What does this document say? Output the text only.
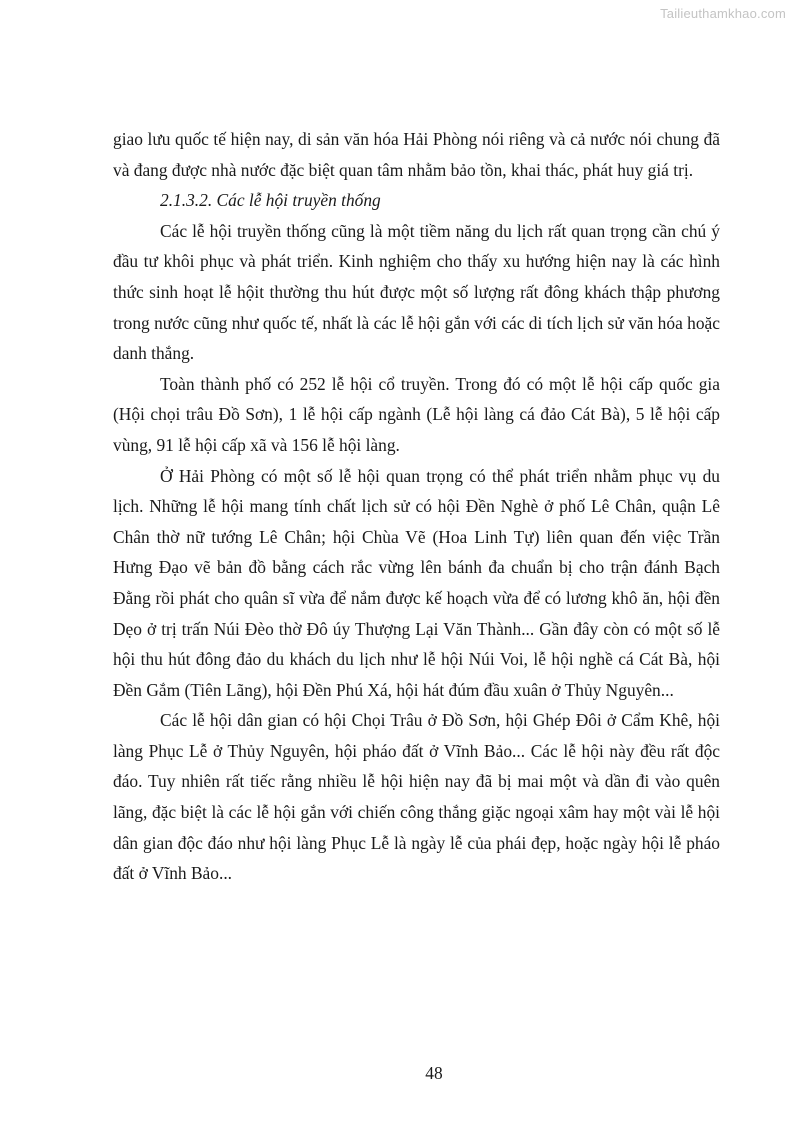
Tailieuthamkhao.com

giao lưu quốc tế hiện nay, di sản văn hóa Hải Phòng nói riêng và cả nước nói chung đã và đang được nhà nước đặc biệt quan tâm nhằm bảo tồn, khai thác, phát huy giá trị.

2.1.3.2. Các lễ hội truyền thống

Các lễ hội truyền thống cũng là một tiềm năng du lịch rất quan trọng cần chú ý đầu tư khôi phục và phát triển. Kinh nghiệm cho thấy xu hướng hiện nay là các hình thức sinh hoạt lễ hộit thường thu hút được một số lượng rất đông khách thập phương trong nước cũng như quốc tế, nhất là các lễ hội gắn với các di tích lịch sử văn hóa hoặc danh thắng.

Toàn thành phố có 252 lễ hội cổ truyền. Trong đó có một lễ hội cấp quốc gia (Hội chọi trâu Đồ Sơn), 1 lễ hội cấp ngành (Lễ hội làng cá đảo Cát Bà), 5 lễ hội cấp vùng, 91 lễ hội cấp xã và 156 lễ hội làng.

Ở Hải Phòng có một số lễ hội quan trọng có thể phát triển nhằm phục vụ du lịch. Những lễ hội mang tính chất lịch sử có hội Đền Nghè ở phố Lê Chân, quận Lê Chân thờ nữ tướng Lê Chân; hội Chùa Vẽ (Hoa Linh Tự) liên quan đến việc Trần Hưng Đạo vẽ bản đồ bằng cách rắc vừng lên bánh đa chuẩn bị cho trận đánh Bạch Đằng rồi phát cho quân sĩ vừa để nắm được kế hoạch vừa để có lương khô ăn, hội đền Dẹo ở trị trấn Núi Đèo thờ Đô úy Thượng Lại Văn Thành... Gần đây còn có một số lễ hội thu hút đông đảo du khách du lịch như lễ hội Núi Voi, lễ hội nghề cá Cát Bà, hội Đền Gắm (Tiên Lãng), hội Đền Phú Xá, hội hát đúm đầu xuân ở Thủy Nguyên...

Các lễ hội dân gian có hội Chọi Trâu ở Đồ Sơn, hội Ghép Đôi ở Cẩm Khê, hội làng Phục Lễ ở Thủy Nguyên, hội pháo đất ở Vĩnh Bảo... Các lễ hội này đều rất độc đáo. Tuy nhiên rất tiếc rằng nhiều lễ hội hiện nay đã bị mai một và dần đi vào quên lãng, đặc biệt là các lễ hội gắn với chiến công thắng giặc ngoại xâm hay một vài lễ hội dân gian độc đáo như hội làng Phục Lễ là ngày lễ của phái đẹp, hoặc ngày hội lễ pháo đất ở Vĩnh Bảo...

48
